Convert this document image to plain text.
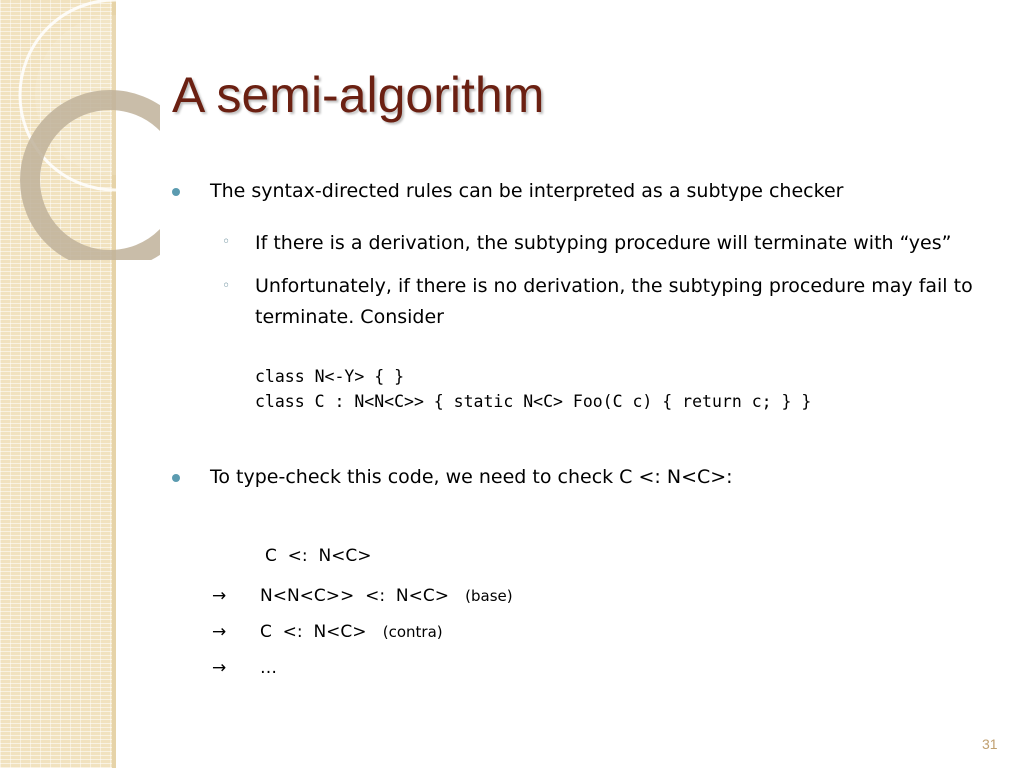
A semi-algorithm
The syntax-directed rules can be interpreted as a subtype checker
◦ If there is a derivation, the subtyping procedure will terminate with “yes”
◦ Unfortunately, if there is no derivation, the subtyping procedure may fail to
terminate. Consider
class N<-Y> { }
class C : N<N<C>> { static N<C> Foo(C c) { return c; } }
To type-check this code, we need to check C <: N<C>:
C  <:  N<C>
→ N<N<C>>  <:  N<C> (base)
→ C  <:  N<C> (contra)
→ …
31
